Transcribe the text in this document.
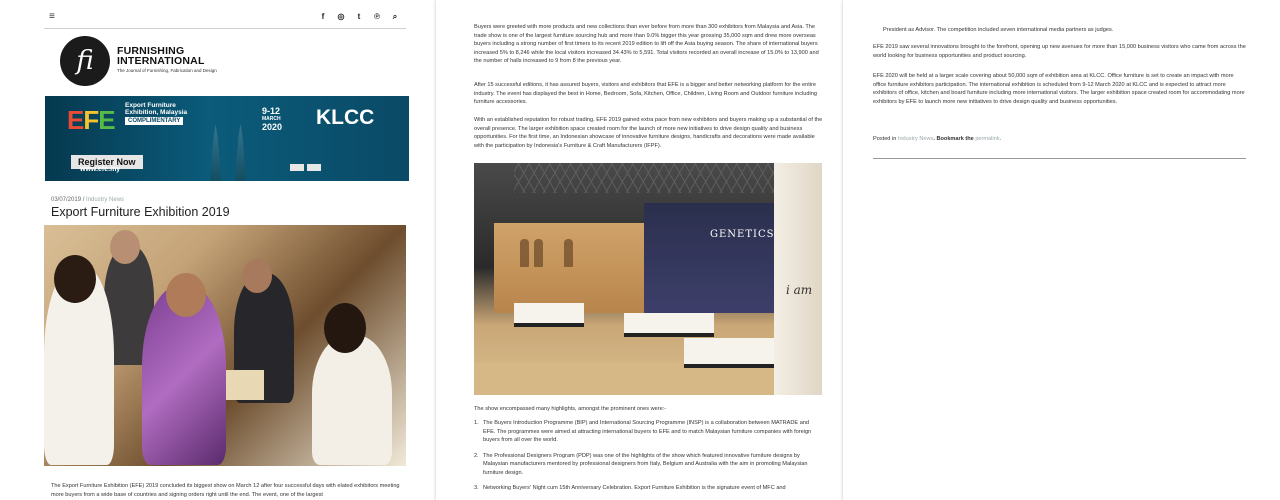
≡	f	◎	t	℗	⌕
fi	FURNISHING
INTERNATIONAL
The Journal of Furnishing, Fabrication and Design
EFE Export Furniture
Exhibition, Malaysia
COMPLIMENTARY
9-12
MARCH
2020 KLCC
Register Now
www.efe.my
03/07/2019 / Industry News
Export Furniture Exhibition 2019
The Export Furniture Exhibition (EFE) 2019 concluded its biggest show on March 12 after four successful days with elated exhibitors meeting more buyers from a wide base of countries and signing orders right until the end. The event, one of the largest
Buyers were greeted with more products and new collections than ever before from more than 300 exhibitors from Malaysia and Asia. The trade show is one of the largest furniture sourcing hub and more than 9.0% bigger this year grossing 35,000 sqm and drew more overseas buyers including a strong number of first timers to its recent 2019 edition to lift off the Asia buying season. The share of international buyers increased 5% to 8,246 while the local visitors increased 34.43% to 5,591. Total visitors recorded an overall increase of 15.0% to 13,900 and the number of halls increased to 9 from 8 the previous year.
After 15 successful editions, it has assured buyers, visitors and exhibitors that EFE is a bigger and better networking platform for the entire industry. The event has displayed the best in Home, Bedroom, Sofa, Kitchen, Office, Children, Living Room and Outdoor furniture including furniture accessories.
With an established reputation for robust trading, EFE 2019 gained extra pace from new exhibitors and buyers making up a substantial of the overall presence. The larger exhibition space created room for the launch of more new initiatives to drive design quality and business opportunities. For the first time, an Indonesian showcase of innovative furniture designs, handicrafts and decorations were made available with the participation by Indonesia's Furniture & Craft Manufacturers (IFPF).
GENETICS
i am
The show encompassed many highlights, amongst the prominent ones were:-
1. The Buyers Introduction Programme (BIP) and International Sourcing Programme (INSP) is a collaboration between MATRADE and EFE. The programmes were aimed at attracting international buyers to EFE and to match Malaysian furniture companies with foreign buyers from all over the world.
2. The Professional Designers Program (PDP) was one of the highlights of the show which featured innovative furniture designs by Malaysian manufacturers mentored by professional designers from Italy, Belgium and Australia with the aim in promoting Malaysian furniture design.
3. Networking Buyers' Night cum 15th Anniversary Celebration. Export Furniture Exhibition is the signature event of MFC and
President as Advisor. The competition included seven international media partners as judges.
EFE 2019 saw several innovations brought to the forefront, opening up new avenues for more than 15,000 business visitors who came from across the world looking for business opportunities and product sourcing.
EFE 2020 will be held at a larger scale covering about 50,000 sqm of exhibition area at KLCC. Office furniture is set to create an impact with more office furniture exhibitors participation. The international exhibition is scheduled from 9-12 March 2020 at KLCC and is expected to attract more exhibitors of office, kitchen and board furniture including more international visitors. The larger exhibition space created room for accommodating more exhibitors by EFE to launch more new initiatives to drive design quality and business opportunities.
Posted in Industry News. Bookmark the permalink.
